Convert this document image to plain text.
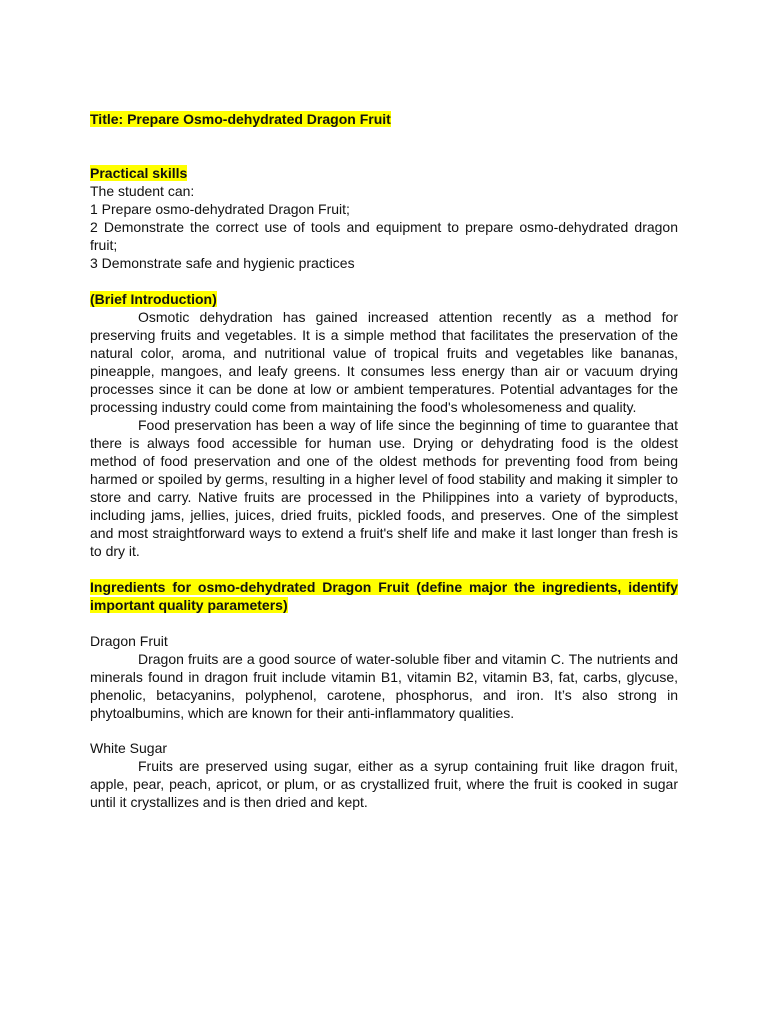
Title: Prepare Osmo-dehydrated Dragon Fruit

Practical skills

The student can:

1 Prepare osmo-dehydrated Dragon Fruit;

2 Demonstrate the correct use of tools and equipment to prepare osmo-dehydrated dragon fruit;

3 Demonstrate safe and hygienic practices

(Brief Introduction)

Osmotic dehydration has gained increased attention recently as a method for preserving fruits and vegetables. It is a simple method that facilitates the preservation of the natural color, aroma, and nutritional value of tropical fruits and vegetables like bananas, pineapple, mangoes, and leafy greens. It consumes less energy than air or vacuum drying processes since it can be done at low or ambient temperatures. Potential advantages for the processing industry could come from maintaining the food's wholesomeness and quality.

Food preservation has been a way of life since the beginning of time to guarantee that there is always food accessible for human use. Drying or dehydrating food is the oldest method of food preservation and one of the oldest methods for preventing food from being harmed or spoiled by germs, resulting in a higher level of food stability and making it simpler to store and carry. Native fruits are processed in the Philippines into a variety of byproducts, including jams, jellies, juices, dried fruits, pickled foods, and preserves. One of the simplest and most straightforward ways to extend a fruit's shelf life and make it last longer than fresh is to dry it.

Ingredients for osmo-dehydrated Dragon Fruit (define major the ingredients, identify important quality parameters)

Dragon Fruit

Dragon fruits are a good source of water-soluble fiber and vitamin C. The nutrients and minerals found in dragon fruit include vitamin B1, vitamin B2, vitamin B3, fat, carbs, glycuse, phenolic, betacyanins, polyphenol, carotene, phosphorus, and iron. It’s also strong in phytoalbumins, which are known for their anti-inflammatory qualities.

White Sugar

Fruits are preserved using sugar, either as a syrup containing fruit like dragon fruit, apple, pear, peach, apricot, or plum, or as crystallized fruit, where the fruit is cooked in sugar until it crystallizes and is then dried and kept.
